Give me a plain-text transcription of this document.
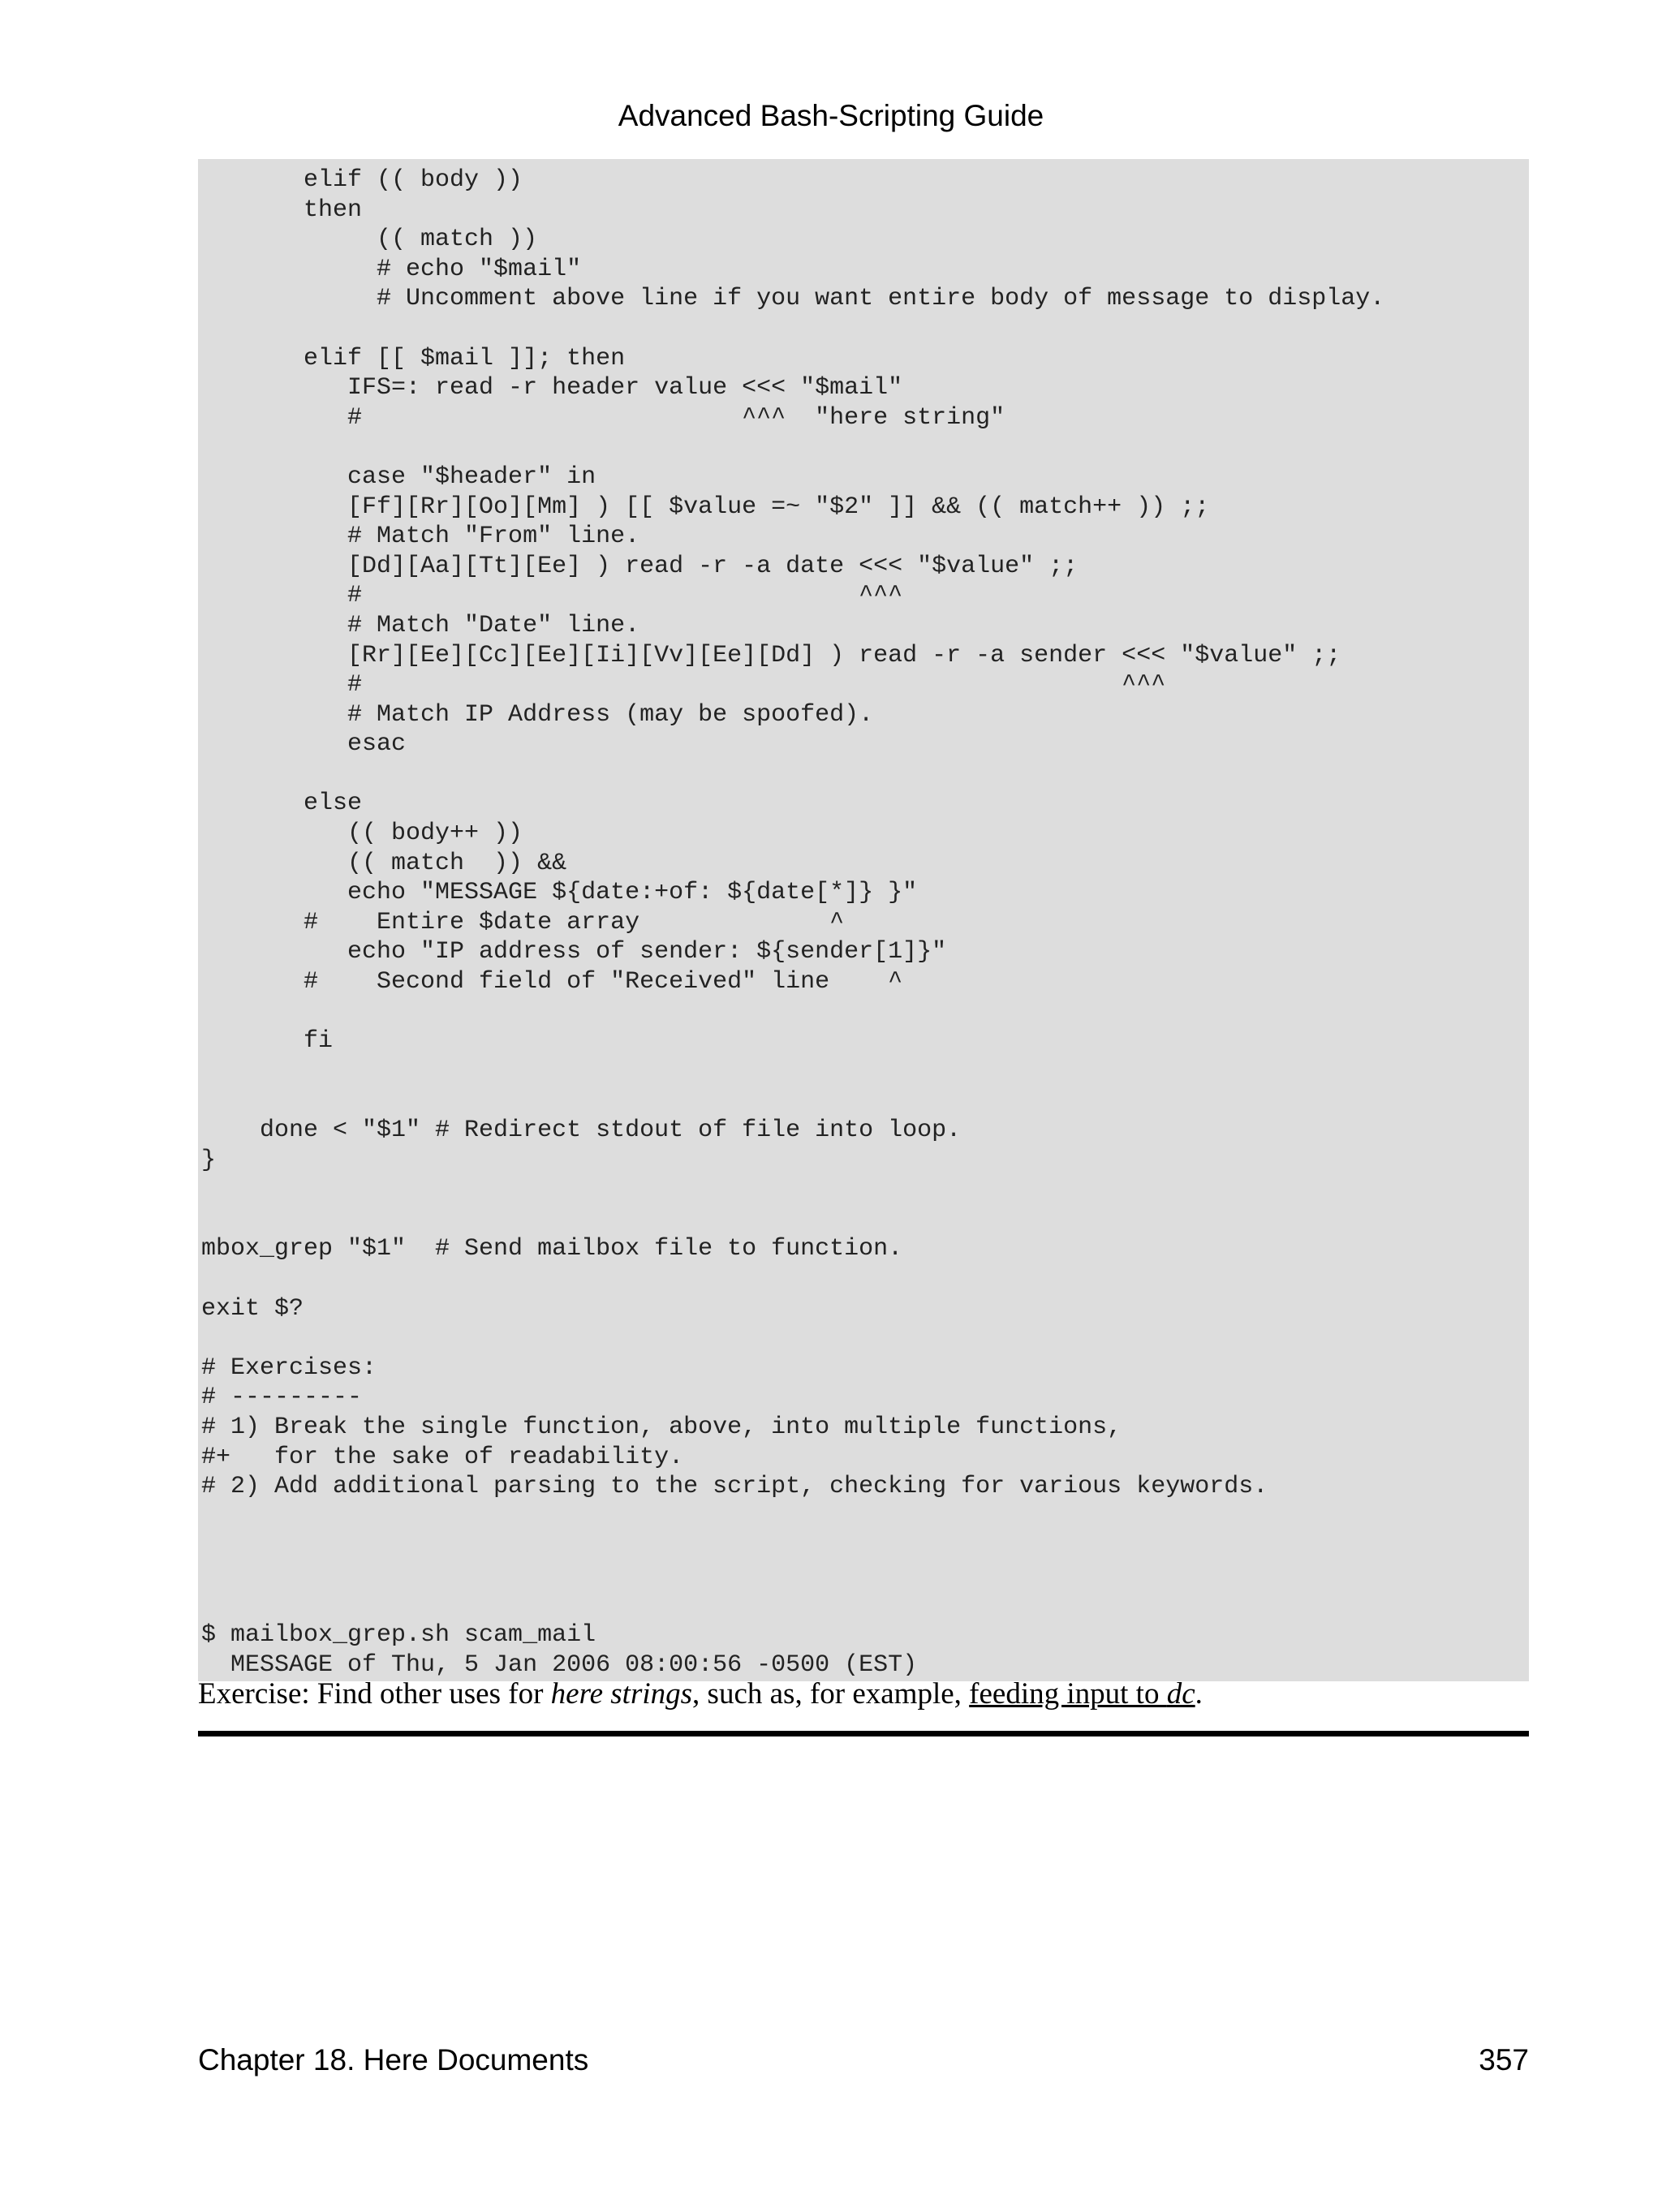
Advanced Bash-Scripting Guide
elif (( body ))
then
(( match ))
# echo "$mail"
# Uncomment above line if you want entire body of message to display.
elif [[ $mail ]]; then
IFS=: read -r header value <<< "$mail"
#                          ^^^  "here string"
case "$header" in
[Ff][Rr][Oo][Mm] ) [[ $value =~ "$2" ]] && (( match++ )) ;;
# Match "From" line.
[Dd][Aa][Tt][Ee] ) read -r -a date <<< "$value" ;;
#                                  ^^^
# Match "Date" line.
[Rr][Ee][Cc][Ee][Ii][Vv][Ee][Dd] ) read -r -a sender <<< "$value" ;;
#                                                    ^^^
# Match IP Address (may be spoofed).
esac
else
(( body++ ))
(( match  )) &&
echo "MESSAGE ${date:+of: ${date[*]} }"
#    Entire $date array             ^
echo "IP address of sender: ${sender[1]}"
#    Second field of "Received" line    ^
fi
done < "$1" # Redirect stdout of file into loop.
}
mbox_grep "$1"  # Send mailbox file to function.
exit $?
# Exercises:
# ---------
# 1) Break the single function, above, into multiple functions,
#+   for the sake of readability.
# 2) Add additional parsing to the script, checking for various keywords.
$ mailbox_grep.sh scam_mail
MESSAGE of Thu, 5 Jan 2006 08:00:56 -0500 (EST)
Exercise: Find other uses for here strings, such as, for example, feeding input to dc.
Chapter 18. Here Documents	357
